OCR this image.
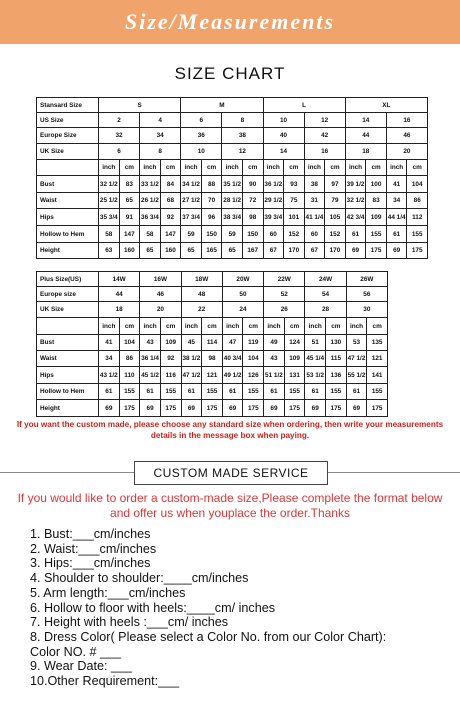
Size/Measurements
SIZE CHART
Stansard Size	S				M				L				XL			
US Size	2		4		6		8		10		12		14		16	
Europe Size	32		34		36		38		40		42		44		46	
UK Size	6		8		10		12		14		16		18		20	
	inch	cm	inch	cm	inch	cm	inch	cm	inch	cm	inch	cm	inch	cm	inch	cm
Bust	32 1/2	83	33 1/2	84	34 1/2	88	35 1/2	90	36 1/2	93	38	97	39 1/2	100	41	104
Waist	25 1/2	65	26 1/2	68	27 1/2	70	28 1/2	72	29 1/2	75	31	79	32 1/2	83	34	86
Hips	35 3/4	91	36 3/4	92	37 3/4	96	38 3/4	98	39 3/4	101	41 1/4	105	42 3/4	109	44 1/4	112
Hollow to Hem	58	147	58	147	59	150	59	150	60	152	60	152	61	155	61	155
Height	63	160	65	160	65	165	65	167	67	170	67	170	69	175	69	175
Plus Size(US)	14W		16W		18W		20W		22W		24W		26W	
Europe size	44		46		48		50		52		54		56	
UK Size	18		20		22		24		26		28		30	
	inch	cm	inch	cm	inch	cm	inch	cm	inch	cm	inch	cm	inch	cm
Bust	41	104	43	109	45	114	47	119	49	124	51	130	53	135
Waist	34	86	36 1/4	92	38 1/2	98	40 3/4	104	43	109	45 1/4	115	47 1/2	121
Hips	43 1/2	110	45 1/2	116	47 1/2	121	49 1/2	126	51 1/2	131	53 1/2	136	55 1/2	141
Hollow to Hem	61	155	61	155	61	155	61	155	61	155	61	155	61	155
Height	69	175	69	175	69	175	69	175	69	175	69	175	69	175
If you want the custom made, please choose any standard size when ordering, then write your measurements details in the message box when paying.
CUSTOM MADE SERVICE
If you would like to order a custom-made size,Please complete the format below and offer us when youplace the order.Thanks
1. Bust:___cm/inches
2. Waist:___cm/inches
3. Hips:___cm/inches
4. Shoulder to shoulder:____cm/inches
5. Arm length:___cm/inches
6. Hollow to floor with heels:____cm/ inches
7. Height with heels :___cm/ inches
8. Dress Color( Please select a Color No. from our Color Chart):
Color NO. # ___
9. Wear Date: ___
10.Other Requirement:___
